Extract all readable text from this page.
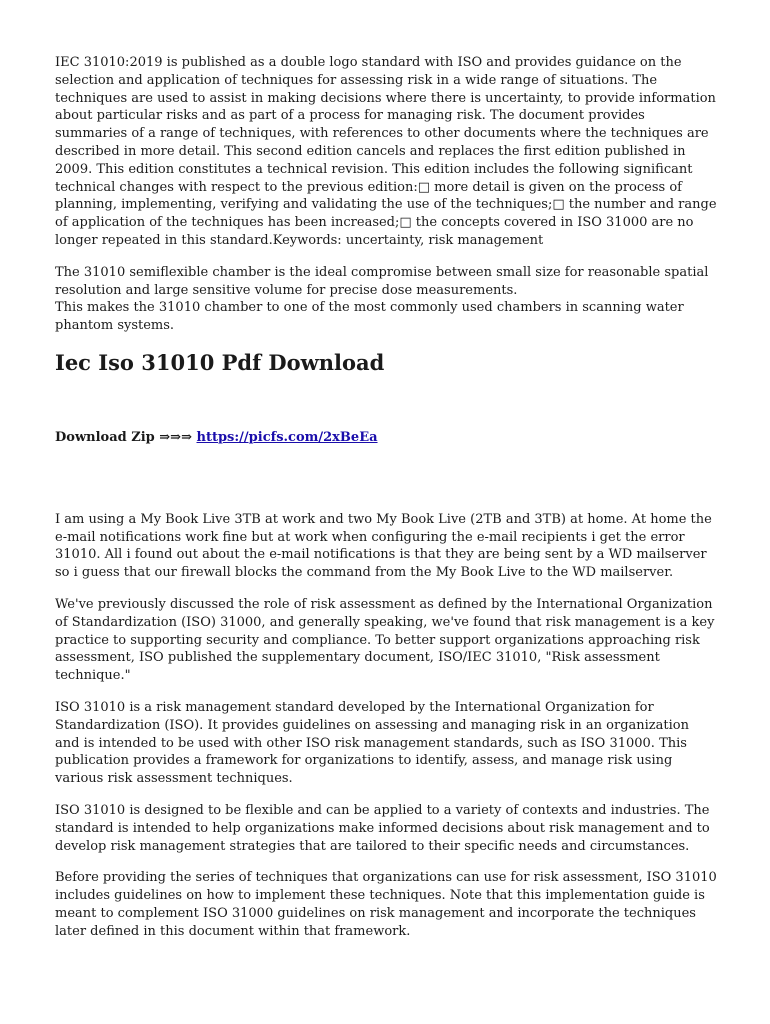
IEC 31010:2019 is published as a double logo standard with ISO and provides guidance on the selection and application of techniques for assessing risk in a wide range of situations. The techniques are used to assist in making decisions where there is uncertainty, to provide information about particular risks and as part of a process for managing risk. The document provides summaries of a range of techniques, with references to other documents where the techniques are described in more detail. This second edition cancels and replaces the first edition published in 2009. This edition constitutes a technical revision. This edition includes the following significant technical changes with respect to the previous edition:□ more detail is given on the process of planning, implementing, verifying and validating the use of the techniques;□ the number and range of application of the techniques has been increased;□ the concepts covered in ISO 31000 are no longer repeated in this standard.Keywords: uncertainty, risk management

The 31010 semiflexible chamber is the ideal compromise between small size for reasonable spatial resolution and large sensitive volume for precise dose measurements.
This makes the 31010 chamber to one of the most commonly used chambers in scanning water phantom systems.

Iec Iso 31010 Pdf Download
Download Zip ⇒⇒⇒ https://picfs.com/2xBeEa

I am using a My Book Live 3TB at work and two My Book Live (2TB and 3TB) at home. At home the e-mail notifications work fine but at work when configuring the e-mail recipients i get the error 31010. All i found out about the e-mail notifications is that they are being sent by a WD mailserver so i guess that our firewall blocks the command from the My Book Live to the WD mailserver.

We've previously discussed the role of risk assessment as defined by the International Organization of Standardization (ISO) 31000, and generally speaking, we've found that risk management is a key practice to supporting security and compliance. To better support organizations approaching risk assessment, ISO published the supplementary document, ISO/IEC 31010, "Risk assessment technique."

ISO 31010 is a risk management standard developed by the International Organization for Standardization (ISO). It provides guidelines on assessing and managing risk in an organization and is intended to be used with other ISO risk management standards, such as ISO 31000. This publication provides a framework for organizations to identify, assess, and manage risk using various risk assessment techniques.

ISO 31010 is designed to be flexible and can be applied to a variety of contexts and industries. The standard is intended to help organizations make informed decisions about risk management and to develop risk management strategies that are tailored to their specific needs and circumstances.

Before providing the series of techniques that organizations can use for risk assessment, ISO 31010 includes guidelines on how to implement these techniques. Note that this implementation guide is meant to complement ISO 31000 guidelines on risk management and incorporate the techniques later defined in this document within that framework.
